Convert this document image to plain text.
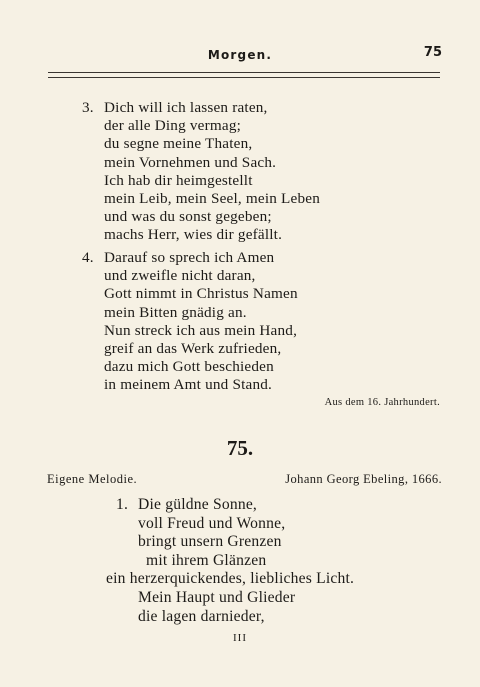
Morgen.	75
3. Dich will ich lassen raten,
der alle Ding vermag;
du segne meine Thaten,
mein Vornehmen und Sach.
Ich hab dir heimgestellt
mein Leib, mein Seel, mein Leben
und was du sonst gegeben;
machs Herr, wies dir gefällt.
4. Darauf so sprech ich Amen
und zweifle nicht daran,
Gott nimmt in Christus Namen
mein Bitten gnädig an.
Nun streck ich aus mein Hand,
greif an das Werk zufrieden,
dazu mich Gott beschieden
in meinem Amt und Stand.
Aus dem 16. Jahrhundert.
75.
Eigene Melodie.	Johann Georg Ebeling, 1666.
1. Die güldne Sonne,
voll Freud und Wonne,
bringt unsern Grenzen
mit ihrem Glänzen
ein herzerquickendes, liebliches Licht.
Mein Haupt und Glieder
die lagen darnieder,
III
